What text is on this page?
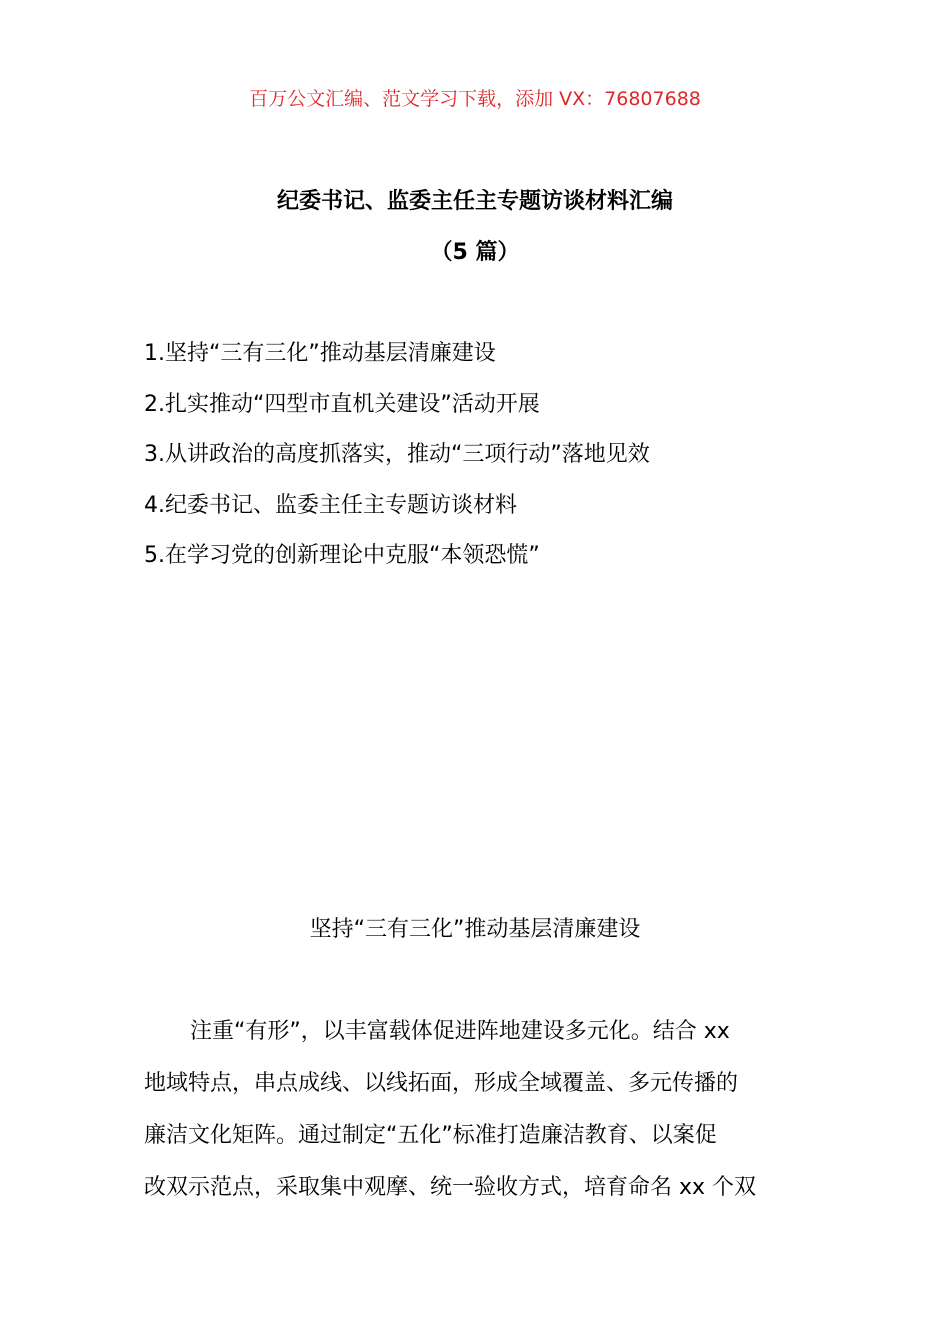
百万公文汇编、范文学习下载，添加 VX：76807688
纪委书记、监委主任主专题访谈材料汇编
（5 篇）
1.坚持“三有三化”推动基层清廉建设
2.扎实推动“四型市直机关建设”活动开展
3.从讲政治的高度抓落实，推动“三项行动”落地见效
4.纪委书记、监委主任主专题访谈材料
5.在学习党的创新理论中克服“本领恐慌”
坚持“三有三化”推动基层清廉建设
注重“有形”，以丰富载体促进阵地建设多元化。结合 xx
地域特点，串点成线、以线拓面，形成全域覆盖、多元传播的
廉洁文化矩阵。通过制定“五化”标准打造廉洁教育、以案促
改双示范点，采取集中观摩、统一验收方式，培育命名 xx 个双
